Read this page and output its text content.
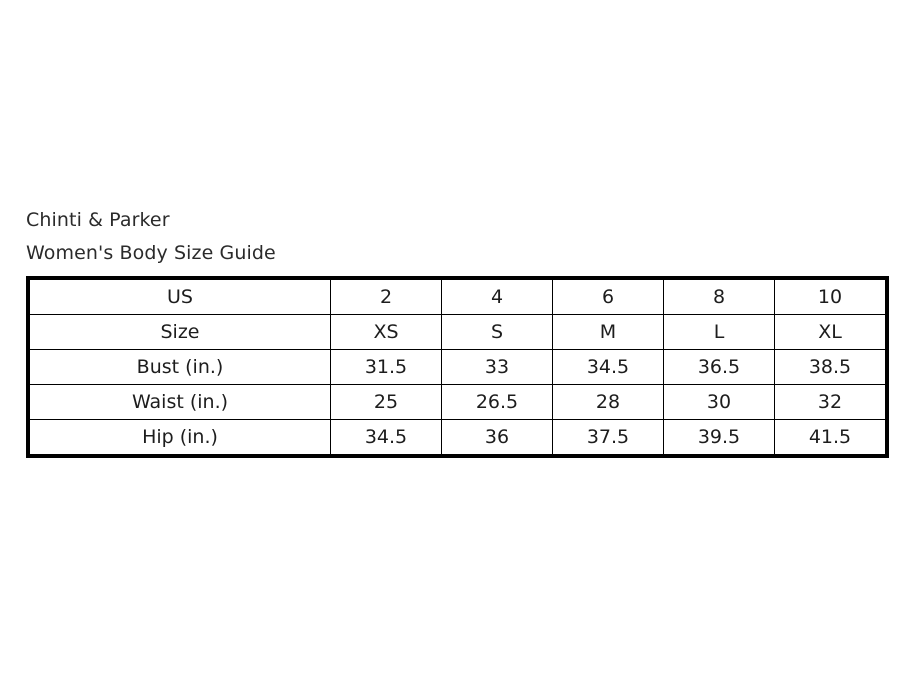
Chinti & Parker
Women's Body Size Guide
US	2	4	6	8	10
Size	XS	S	M	L	XL
Bust (in.)	31.5	33	34.5	36.5	38.5
Waist (in.)	25	26.5	28	30	32
Hip (in.)	34.5	36	37.5	39.5	41.5
